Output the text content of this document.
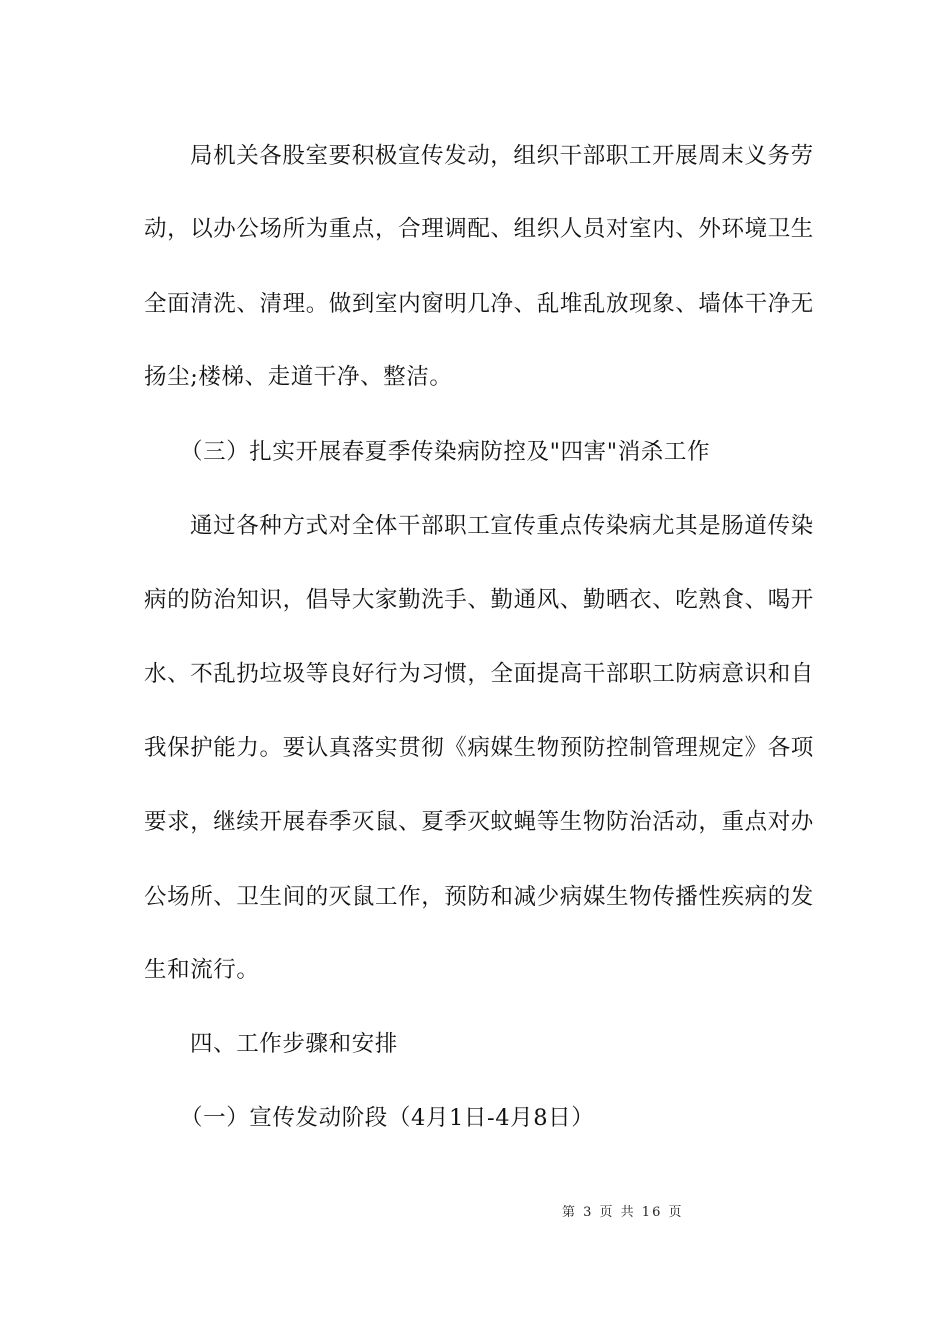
局机关各股室要积极宣传发动，组织干部职工开展周末义务劳
动，以办公场所为重点，合理调配、组织人员对室内、外环境卫生
全面清洗、清理。做到室内窗明几净、乱堆乱放现象、墙体干净无
扬尘;楼梯、走道干净、整洁。
（三）扎实开展春夏季传染病防控及"四害"消杀工作
通过各种方式对全体干部职工宣传重点传染病尤其是肠道传染
病的防治知识，倡导大家勤洗手、勤通风、勤晒衣、吃熟食、喝开
水、不乱扔垃圾等良好行为习惯，全面提高干部职工防病意识和自
我保护能力。要认真落实贯彻《病媒生物预防控制管理规定》各项
要求，继续开展春季灭鼠、夏季灭蚊蝇等生物防治活动，重点对办
公场所、卫生间的灭鼠工作，预防和减少病媒生物传播性疾病的发
生和流行。
四、工作步骤和安排
（一）宣传发动阶段（4月1日-4月8日）
第 3 页 共 16 页
